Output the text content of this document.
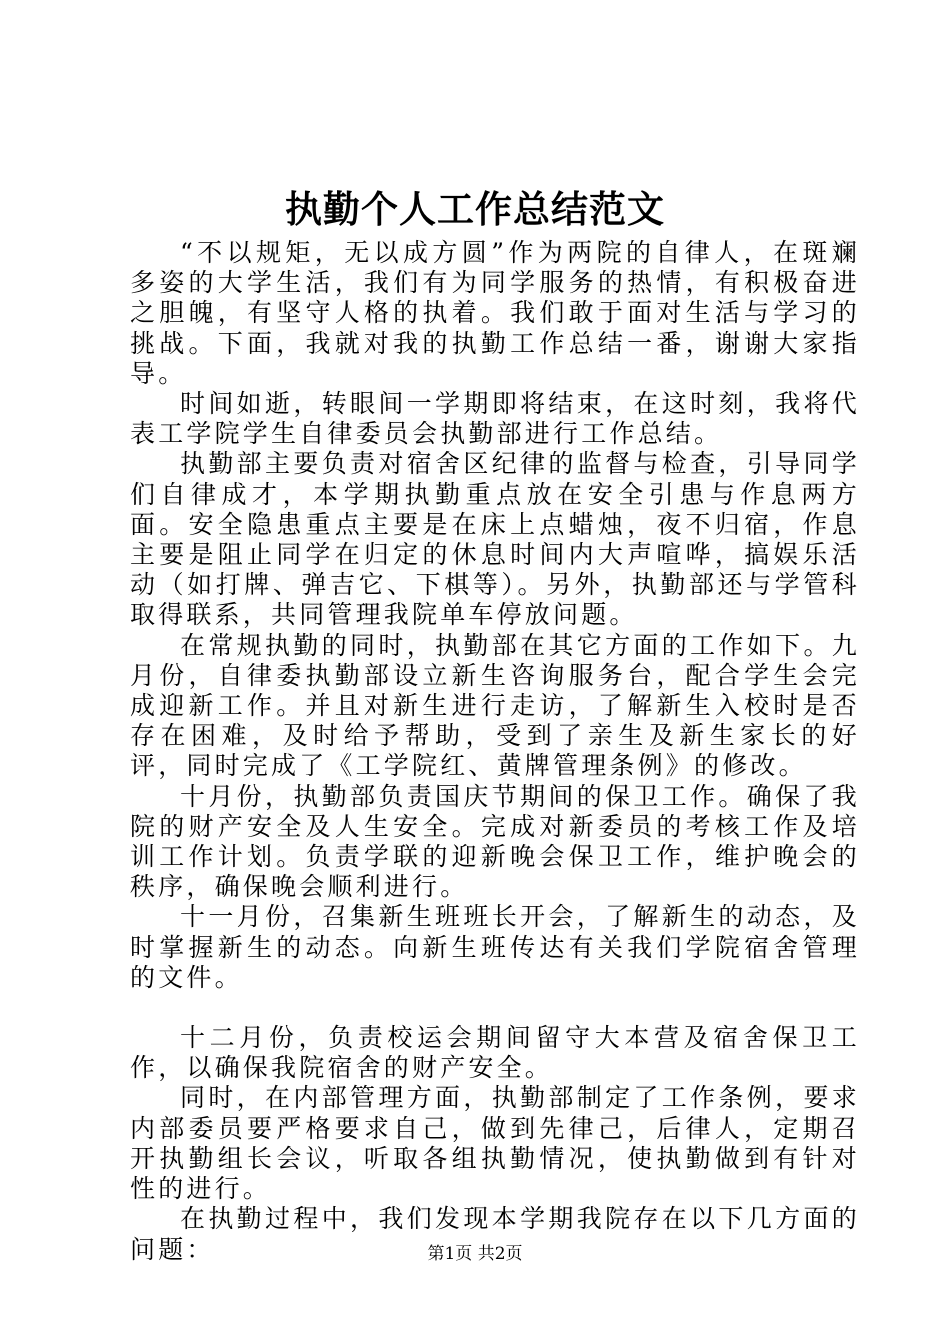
执勤个人工作总结范文

“不以规矩，无以成方圆”作为两院的自律人，在斑斓多姿的大学生活，我们有为同学服务的热情，有积极奋进之胆魄，有坚守人格的执着。我们敢于面对生活与学习的挑战。下面，我就对我的执勤工作总结一番，谢谢大家指导。

时间如逝，转眼间一学期即将结束，在这时刻，我将代表工学院学生自律委员会执勤部进行工作总结。

执勤部主要负责对宿舍区纪律的监督与检查，引导同学们自律成才，本学期执勤重点放在安全引患与作息两方面。安全隐患重点主要是在床上点蜡烛，夜不归宿，作息主要是阻止同学在归定的休息时间内大声喧哗，搞娱乐活动（如打牌、弹吉它、下棋等）。另外，执勤部还与学管科取得联系，共同管理我院单车停放问题。

在常规执勤的同时，执勤部在其它方面的工作如下。九月份，自律委执勤部设立新生咨询服务台，配合学生会完成迎新工作。并且对新生进行走访，了解新生入校时是否存在困难，及时给予帮助，受到了亲生及新生家长的好评，同时完成了《工学院红、黄牌管理条例》的修改。

十月份，执勤部负责国庆节期间的保卫工作。确保了我院的财产安全及人生安全。完成对新委员的考核工作及培训工作计划。负责学联的迎新晚会保卫工作，维护晚会的秩序，确保晚会顺利进行。

十一月份，召集新生班班长开会，了解新生的动态，及时掌握新生的动态。向新生班传达有关我们学院宿舍管理的文件。

十二月份，负责校运会期间留守大本营及宿舍保卫工作，以确保我院宿舍的财产安全。

同时，在内部管理方面，执勤部制定了工作条例，要求内部委员要严格要求自己，做到先律己，后律人，定期召开执勤组长会议，听取各组执勤情况，使执勤做到有针对性的进行。

在执勤过程中，我们发现本学期我院存在以下几方面的问题：	第1页 共2页
